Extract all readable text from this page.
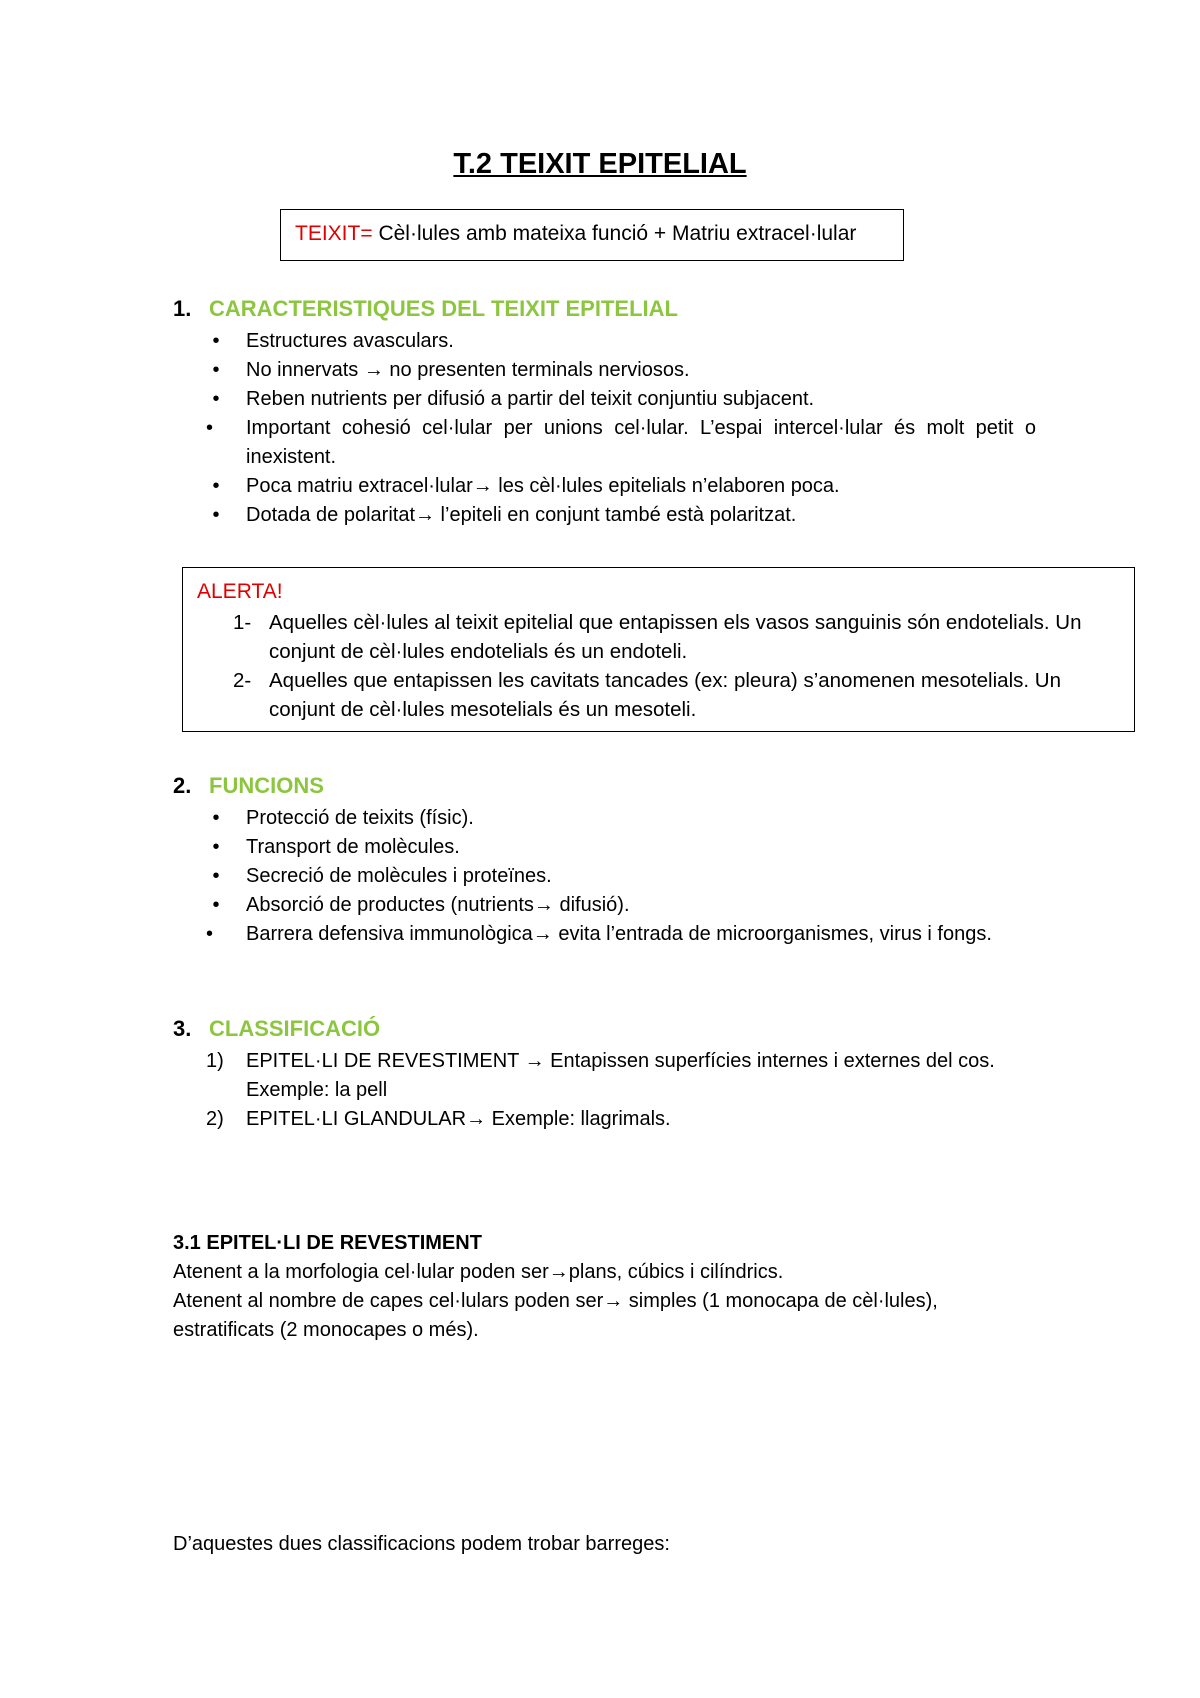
T.2 TEIXIT EPITELIAL
TEIXIT= Cèl·lules amb mateixa funció + Matriu extracel·lular
1. CARACTERISTIQUES DEL TEIXIT EPITELIAL
•	Estructures avasculars.
•	No innervats → no presenten terminals nerviosos.
•	Reben nutrients per difusió a partir del teixit conjuntiu subjacent.
•	Important cohesió cel·lular per unions cel·lular. L’espai intercel·lular és molt petit o inexistent.
•	Poca matriu extracel·lular→ les cèl·lules epitelials n’elaboren poca.
•	Dotada de polaritat→ l’epiteli en conjunt també està polaritzat.
ALERTA!
1- Aquelles cèl·lules al teixit epitelial que entapissen els vasos sanguinis són endotelials. Un conjunt de cèl·lules endotelials és un endoteli.
2- Aquelles que entapissen les cavitats tancades (ex: pleura) s’anomenen mesotelials. Un conjunt de cèl·lules mesotelials és un mesoteli.
2. FUNCIONS
•	Protecció de teixits (físic).
•	Transport de molècules.
•	Secreció de molècules i proteïnes.
•	Absorció de productes (nutrients→ difusió).
•	Barrera defensiva immunològica→ evita l’entrada de microorganismes, virus i fongs.
3. CLASSIFICACIÓ
1) EPITEL·LI DE REVESTIMENT → Entapissen superfícies internes i externes del cos. Exemple: la pell
2) EPITEL·LI GLANDULAR→ Exemple: llagrimals.
3.1 EPITEL·LI DE REVESTIMENT
Atenent a la morfologia cel·lular poden ser→plans, cúbics i cilíndrics.
Atenent al nombre de capes cel·lulars poden ser→ simples (1 monocapa de cèl·lules), estratificats (2 monocapes o més).
D’aquestes dues classificacions podem trobar barreges:
